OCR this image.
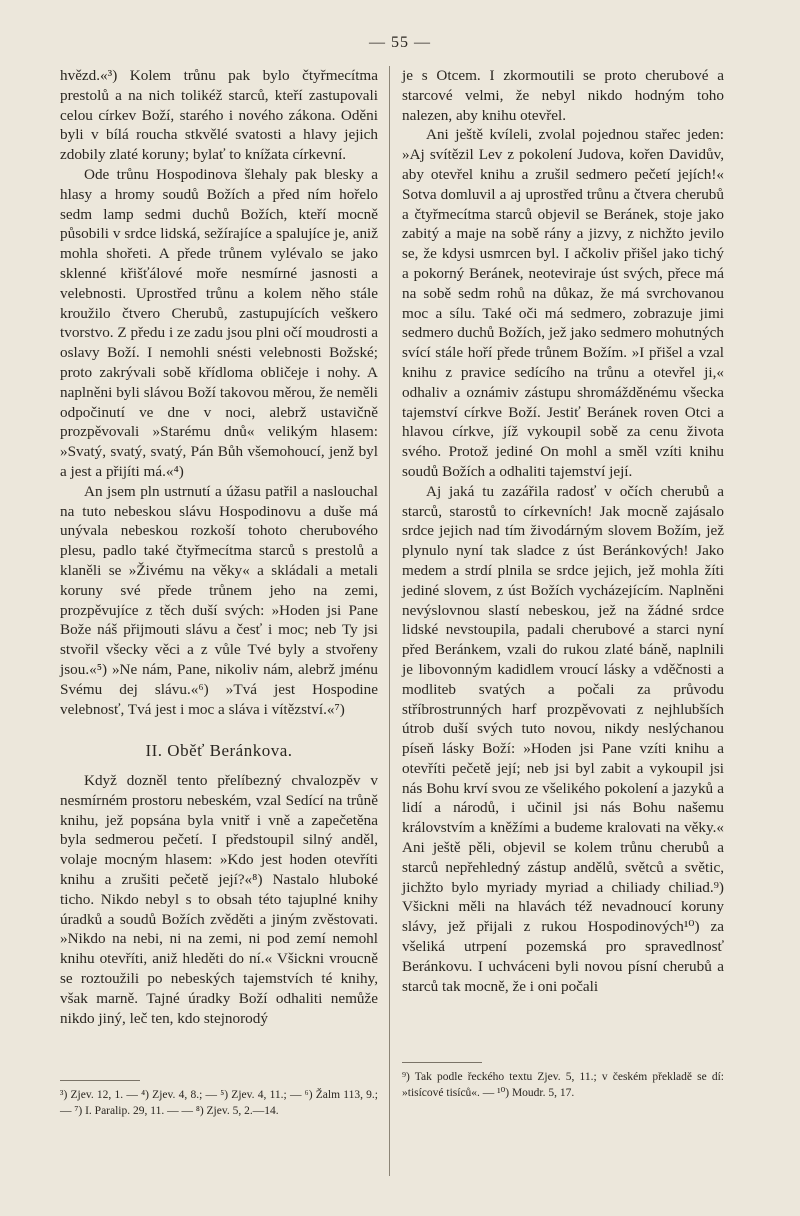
— 55 —

hvězd.«³) Kolem trůnu pak bylo čtyřmecítma prestolů a na nich tolikéž starců, kteří zastupovali celou církev Boží, starého i nového zákona. Oděni byli v bílá roucha stkvělé svatosti a hlavy jejich zdobily zlaté koruny; bylať to knížata církevní.

Ode trůnu Hospodinova šlehaly pak blesky a hlasy a hromy soudů Božích a před ním hořelo sedm lamp sedmi duchů Božích, kteří mocně působili v srdce lidská, sežírajíce a spalujíce je, aniž mohla shořeti. A přede trůnem vylévalo se jako sklenné křišťálové moře nesmírné jasnosti a velebnosti. Uprostřed trůnu a kolem něho stále kroužilo čtvero Cherubů, zastupujících veškero tvorstvo. Z předu i ze zadu jsou plni očí moudrosti a oslavy Boží. I nemohli snésti velebnosti Božské; proto zakrývali sobě křídloma obličeje i nohy. A naplněni byli slávou Boží takovou měrou, že neměli odpočinutí ve dne v noci, alebrž ustavičně prozpěvovali »Starému dnů« velikým hlasem: »Svatý, svatý, svatý, Pán Bůh všemohoucí, jenž byl a jest a přijíti má.«⁴)

An jsem pln ustrnutí a úžasu patřil a naslouchal na tuto nebeskou slávu Hospodinovu a duše má unývala nebeskou rozkoší tohoto cherubového plesu, padlo také čtyřmecítma starců s prestolů a klaněli se »Živému na věky« a skládali a metali koruny své přede trůnem jeho na zemi, prozpěvujíce z těch duší svých: »Hoden jsi Pane Bože náš přijmouti slávu a česť i moc; neb Ty jsi stvořil všecky věci a z vůle Tvé byly a stvořeny jsou.«⁵) »Ne nám, Pane, nikoliv nám, alebrž jménu Svému dej slávu.«⁶) »Tvá jest Hospodine velebnosť, Tvá jest i moc a sláva i vítězství.«⁷)

II. Oběť Beránkova.

Když dozněl tento přelíbezný chvalozpěv v nesmírném prostoru nebeském, vzal Sedící na trůně knihu, jež popsána byla vnitř i vně a zapečetěna byla sedmerou pečetí. I předstoupil silný anděl, volaje mocným hlasem: »Kdo jest hoden otevříti knihu a zrušiti pečetě její?«⁸) Nastalo hluboké ticho. Nikdo nebyl s to obsah této tajuplné knihy úradků a soudů Božích zvěděti a jiným zvěstovati. »Nikdo na nebi, ni na zemi, ni pod zemí nemohl knihu otevříti, aniž hleděti do ní.« Všickni vroucně se roztoužili po nebeských tajemstvích té knihy, však marně. Tajné úradky Boží odhaliti nemůže nikdo jiný, leč ten, kdo stejnorodý

je s Otcem. I zkormoutili se proto cherubové a starcové velmi, že nebyl nikdo hodným toho nalezen, aby knihu otevřel.

Ani ještě kvíleli, zvolal pojednou stařec jeden: »Aj svítězil Lev z pokolení Judova, kořen Davidův, aby otevřel knihu a zrušil sedmero pečetí jejích!« Sotva domluvil a aj uprostřed trůnu a čtvera cherubů a čtyřmecítma starců objevil se Beránek, stoje jako zabitý a maje na sobě rány a jizvy, z nichžto jevilo se, že kdysi usmrcen byl. I ačkoliv přišel jako tichý a pokorný Beránek, neoteviraje úst svých, přece má na sobě sedm rohů na důkaz, že má svrchovanou moc a sílu. Také oči má sedmero, zobrazuje jimi sedmero duchů Božích, jež jako sedmero mohutných svící stále hoří přede trůnem Božím. »I přišel a vzal knihu z pravice sedícího na trůnu a otevřel ji,« odhaliv a oznámiv zástupu shromážděnému všecka tajemství církve Boží. Jestiť Beránek roven Otci a hlavou církve, jíž vykoupil sobě za cenu života svého. Protož jediné On mohl a směl vzíti knihu soudů Božích a odhaliti tajemství její.

Aj jaká tu zazářila radosť v očích cherubů a starců, starostů to církevních! Jak mocně zajásalo srdce jejich nad tím živodárným slovem Božím, jež plynulo nyní tak sladce z úst Beránkových! Jako medem a strdí plnila se srdce jejich, jež mohla žíti jediné slovem, z úst Božích vycházejícím. Naplněni nevýslovnou slastí nebeskou, jež na žádné srdce lidské nevstoupila, padali cherubové a starci nyní před Beránkem, vzali do rukou zlaté báně, naplnili je libovonným kadidlem vroucí lásky a vděčnosti a modliteb svatých a počali za průvodu stříbrostrunných harf prozpěvovati z nejhlubších útrob duší svých tuto novou, nikdy neslýchanou píseň lásky Boží: »Hoden jsi Pane vzíti knihu a otevříti pečetě její; neb jsi byl zabit a vykoupil jsi nás Bohu krví svou ze všelikého pokolení a jazyků a lidí a národů, i učinil jsi nás Bohu našemu královstvím a kněžími a budeme kralovati na věky.« Ani ještě pěli, objevil se kolem trůnu cherubů a starců nepřehledný zástup andělů, světců a světic, jichžto bylo myriady myriad a chiliady chiliad.⁹) Všickni měli na hlavách též nevadnoucí koruny slávy, jež přijali z rukou Hospodinových¹⁰) za všeliká utrpení pozemská pro spravedlnosť Beránkovu. I uchváceni byli novou písní cherubů a starců tak mocně, že i oni počali

³) Zjev. 12, 1. — ⁴) Zjev. 4, 8.; — ⁵) Zjev. 4, 11.; — ⁶) Žalm 113, 9.; — ⁷) I. Paralip. 29, 11. — — ⁸) Zjev. 5, 2.—14.

⁹) Tak podle řeckého textu Zjev. 5, 11.; v českém překladě se dí: »tisícové tisíců«. — ¹⁰) Moudr. 5, 17.
